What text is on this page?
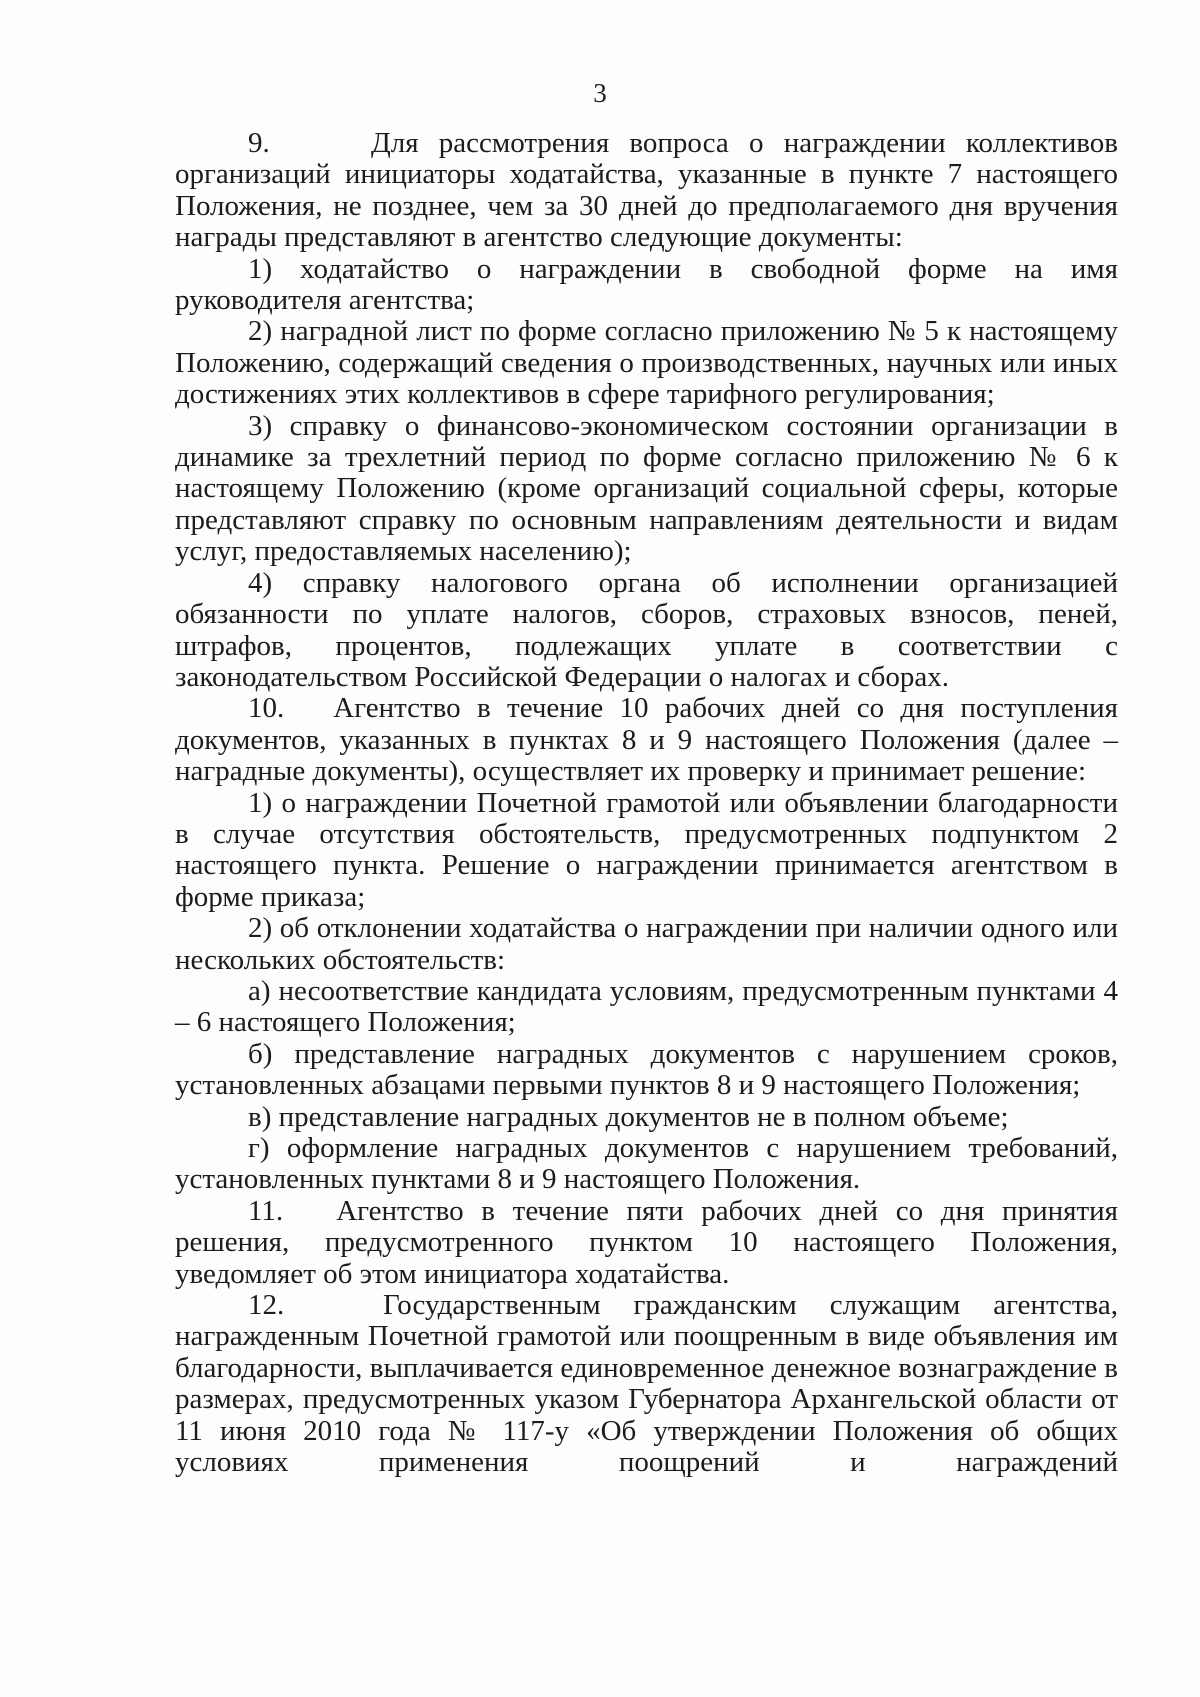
3

9.     Для рассмотрения вопроса о награждении коллективов организаций инициаторы ходатайства, указанные в пункте 7 настоящего Положения, не позднее, чем за 30 дней до предполагаемого дня вручения награды представляют в агентство следующие документы:

1) ходатайство о награждении в свободной форме на имя руководителя агентства;

2) наградной лист по форме согласно приложению № 5 к настоящему Положению, содержащий сведения о производственных, научных или иных достижениях этих коллективов в сфере тарифного регулирования;

3) справку о финансово-экономическом состоянии организации в динамике за трехлетний период по форме согласно приложению № 6 к настоящему Положению (кроме организаций социальной сферы, которые представляют справку по основным направлениям деятельности и видам услуг, предоставляемых населению);

4) справку налогового органа об исполнении организацией обязанности по уплате налогов, сборов, страховых взносов, пеней, штрафов, процентов, подлежащих уплате в соответствии с законодательством Российской Федерации о налогах и сборах.

10.   Агентство в течение 10 рабочих дней со дня поступления документов, указанных в пунктах 8 и 9 настоящего Положения (далее – наградные документы), осуществляет их проверку и принимает решение:

1) о награждении Почетной грамотой или объявлении благодарности в случае отсутствия обстоятельств, предусмотренных подпунктом 2 настоящего пункта. Решение о награждении принимается агентством в форме приказа;

2) об отклонении ходатайства о награждении при наличии одного или нескольких обстоятельств:

а) несоответствие кандидата условиям, предусмотренным пунктами 4 – 6 настоящего Положения;

б) представление наградных документов с нарушением сроков, установленных абзацами первыми пунктов 8 и 9 настоящего Положения;

в) представление наградных документов не в полном объеме;

г) оформление наградных документов с нарушением требований, установленных пунктами 8 и 9 настоящего Положения.

11.   Агентство в течение пяти рабочих дней со дня принятия решения, предусмотренного пунктом 10 настоящего Положения, уведомляет об этом инициатора ходатайства.

12.   Государственным гражданским служащим агентства, награжденным Почетной грамотой или поощренным в виде объявления им благодарности, выплачивается единовременное денежное вознаграждение в размерах, предусмотренных указом Губернатора Архангельской области от 11 июня 2010 года № 117-у «Об утверждении Положения об общих условиях применения поощрений и награждений
